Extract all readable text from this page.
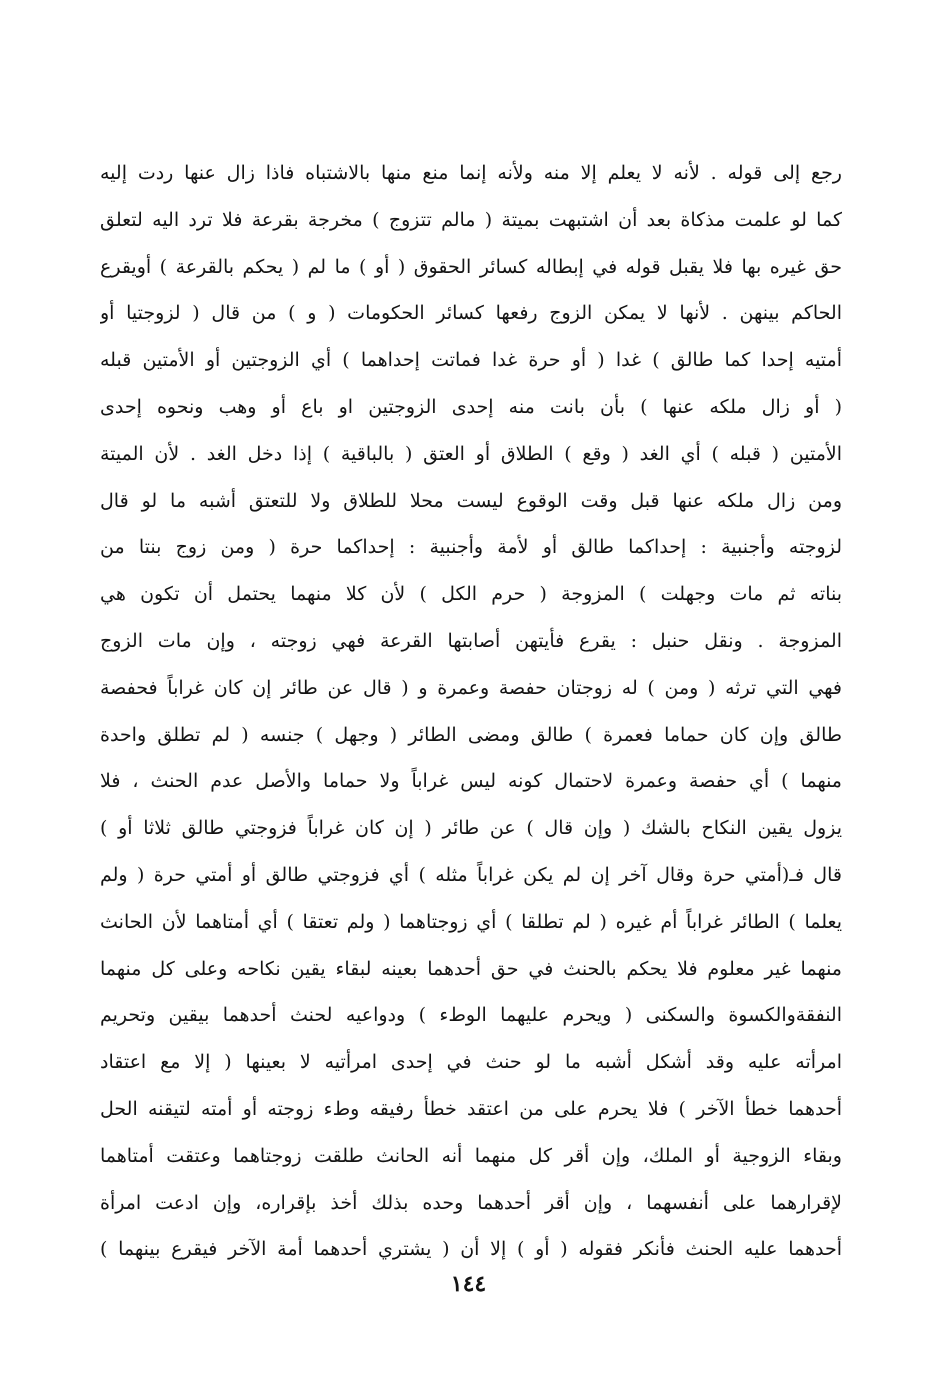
رجع إلى قوله . لأنه لا يعلم إلا منه ولأنه إنما منع منها بالاشتباه فاذا زال عنها ردت إليه
كما لو علمت مذكاة بعد أن اشتبهت بميتة ( مالم تتزوج ) مخرجة بقرعة فلا ترد اليه لتعلق
حق غيره بها فلا يقبل قوله في إبطاله كسائر الحقوق ( أو ) ما لم ( يحكم بالقرعة ) أويقرع
الحاكم بينهن . لأنها لا يمكن الزوج رفعها كسائر الحكومات ( و ) من قال ( لزوجتيا أو
أمتيه إحدا كما طالق ) غدا ( أو حرة غدا فماتت إحداهما ) أي الزوجتين أو الأمتين قبله
( أو زال ملكه عنها ) بأن بانت منه إحدى الزوجتين او باع أو وهب ونحوه إحدى
الأمتين ( قبله ) أي الغد ( وقع ) الطلاق أو العتق ( بالباقية ) إذا دخل الغد . لأن الميتة
ومن زال ملكه عنها قبل وقت الوقوع ليست محلا للطلاق ولا للتعتق أشبه ما لو قال
لزوجته وأجنبية : إحداكما طالق أو لأمة وأجنبية : إحداكما حرة ( ومن زوج بنتا من
بناته ثم مات وجهلت ) المزوجة ( حرم الكل ) لأن كلا منهما يحتمل أن تكون هي
المزوجة . ونقل حنبل : يقرع فأيتهن أصابتها القرعة فهي زوجته ، وإن مات الزوج
فهي التي ترثه ( ومن ) له زوجتان حفصة وعمرة و ( قال عن طائر إن كان غراباً فحفصة
طالق وإن كان حماما فعمرة ) طالق ومضى الطائر ( وجهل ) جنسه ( لم تطلق واحدة
منهما ) أي حفصة وعمرة لاحتمال كونه ليس غراباً ولا حماما والأصل عدم الحنث ، فلا
يزول يقين النكاح بالشك ( وإن قال ) عن طائر ( إن كان غراباً فزوجتي طالق ثلاثا أو )
قال فـ(أمتي حرة وقال آخر إن لم يكن غراباً مثله ) أي فزوجتي طالق أو أمتي حرة ( ولم
يعلما ) الطائر غراباً أم غيره ( لم تطلقا ) أي زوجتاهما ( ولم تعتقا ) أي أمتاهما لأن الحانث
منهما غير معلوم فلا يحكم بالحنث في حق أحدهما بعينه لبقاء يقين نكاحه وعلى كل منهما
النفقةوالكسوة والسكنى ( ويحرم عليهما الوطء ) ودواعيه لحنث أحدهما بيقين وتحريم
امرأته عليه وقد أشكل أشبه ما لو حنث في إحدى امرأتيه لا بعينها ( إلا مع اعتقاد
أحدهما خطأ الآخر ) فلا يحرم على من اعتقد خطأ رفيقه وطء زوجته أو أمته لتيقنه الحل
وبقاء الزوجية أو الملك، وإن أقر كل منهما أنه الحانث طلقت زوجتاهما وعتقت أمتاهما
لإقرارهما على أنفسهما ، وإن أقر أحدهما وحده بذلك أخذ بإقراره، وإن ادعت امرأة
أحدهما عليه الحنث فأنكر فقوله ( أو ) إلا أن ( يشتري أحدهما أمة الآخر فيقرع بينهما )
١٤٤
